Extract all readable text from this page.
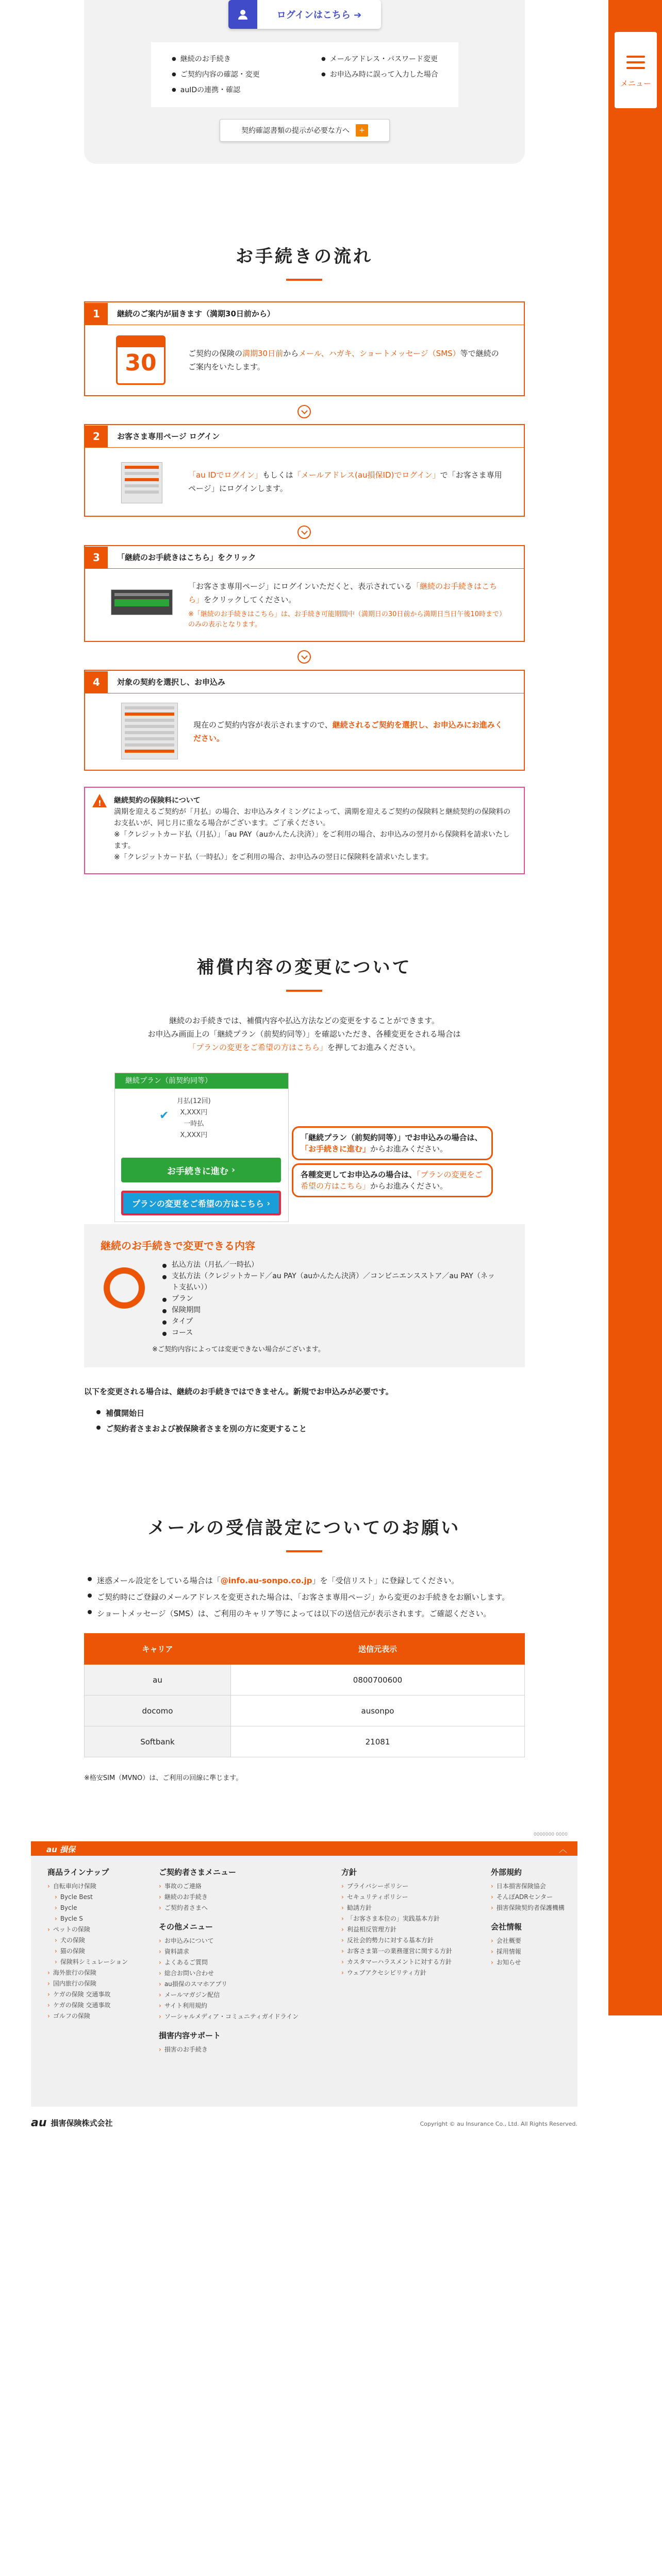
メニュー
ログインはこちら ➔
● 継続のお手続き
● ご契約内容の確認・変更
● auIDの連携・確認
● メールアドレス・パスワード変更
● お申込み時に誤って入力した場合
契約確認書類の提示が必要な方へ	+
お手続きの流れ
1	継続のご案内が届きます（満期30日前から）
30	ご契約の保険の満期30日前からメール、ハガキ、ショートメッセージ（SMS）等で継続のご案内をいたします。
2	お客さま専用ページ ログイン
「au IDでログイン」もしくは「メールアドレス(au損保ID)でログイン」で「お客さま専用ページ」にログインします。
3	「継続のお手続きはこちら」をクリック
「お客さま専用ページ」にログインいただくと、表示されている「継続のお手続きはこちら」をクリックしてください。
※「継続のお手続きはこちら」は、お手続き可能期間中（満期日の30日前から満期日当日午後10時まで）のみの表示となります。
4	対象の契約を選択し、お申込み
現在のご契約内容が表示されますので、継続されるご契約を選択し、お申込みにお進みください。
! 継続契約の保険料について
満期を迎えるご契約が「月払」の場合、お申込みタイミングによって、満期を迎えるご契約の保険料と継続契約の保険料のお支払いが、同じ月に重なる場合がございます。ご了承ください。
※「クレジットカード払（月払）」「au PAY（auかんたん決済）」をご利用の場合、お申込みの翌月から保険料を請求いたします。
※「クレジットカード払（一時払）」をご利用の場合、お申込みの翌日に保険料を請求いたします。
補償内容の変更について
継続のお手続きでは、補償内容や払込方法などの変更をすることができます。
お申込み画面上の「継続プラン（前契約同等）」を確認いただき、各種変更をされる場合は
「プランの変更をご希望の方はこちら」を押してお進みください。
継続プラン（前契約同等）
月払(12回)
X,XXX円
一時払
X,XXX円
✔
お手続きに進む
›
プランの変更をご希望の方はこちら
›
「継続プラン（前契約同等）」でお申込みの場合は、「お手続きに進む」からお進みください。
各種変更してお申込みの場合は、「プランの変更をご希望の方はこちら」からお進みください。
継続のお手続きで変更できる内容
払込方法（月払／一時払）
支払方法（クレジットカード／au PAY（auかんたん決済）／コンビニエンスストア／au PAY（ネット支払い））
プラン
保険期間
タイプ
コース
※ご契約内容によっては変更できない場合がございます。
以下を変更される場合は、継続のお手続きではできません。新規でお申込みが必要です。
補償開始日
ご契約者さまおよび被保険者さまを別の方に変更すること
メールの受信設定についてのお願い
迷惑メール設定をしている場合は「@info.au-sonpo.co.jp」を「受信リスト」に登録してください。
ご契約時にご登録のメールアドレスを変更された場合は、「お客さま専用ページ」から変更のお手続きをお願いします。
ショートメッセージ（SMS）は、ご利用のキャリア等によっては以下の送信元が表示されます。ご確認ください。
キャリア	送信元表示
au	0800700600
docomo	ausonpo
Softbank	21081
※格安SIM（MVNO）は、ご利用の回線に準じます。
0000000 0000
au 損保	︿
商品ラインナップ
› 自転車向け保険
› Bycle Best
› Bycle
› Bycle S
› ペットの保険
› 犬の保険
› 猫の保険
› 保険料シミュレーション
› 海外旅行の保険
› 国内旅行の保険
› ケガの保険 交通事故
› ケガの保険 交通事故
› ゴルフの保険
ご契約者さまメニュー
› 事故のご連絡
› 継続のお手続き
› ご契約者さまへ
その他メニュー
› お申込みについて
› 資料請求
› よくあるご質問
› 総合お問い合わせ
› au損保のスマホアプリ
› メールマガジン配信
› サイト利用規約
› ソーシャルメディア・コミュニティガイドライン
損害内容サポート
› 損害のお手続き
方針
› プライバシーポリシー
› セキュリティポリシー
› 勧誘方針
› 「お客さま本位の」実践基本方針
› 利益相反管理方針
› 反社会的勢力に対する基本方針
› お客さま第一の業務運営に関する方針
› カスタマーハラスメントに対する方針
› ウェブアクセシビリティ方針
外部規約
› 日本損害保険協会
› そんぽADRセンター
› 損害保険契約者保護機構
会社情報
› 会社概要
› 採用情報
› お知らせ
au 損害保険株式会社	Copyright © au Insurance Co., Ltd. All Rights Reserved.
